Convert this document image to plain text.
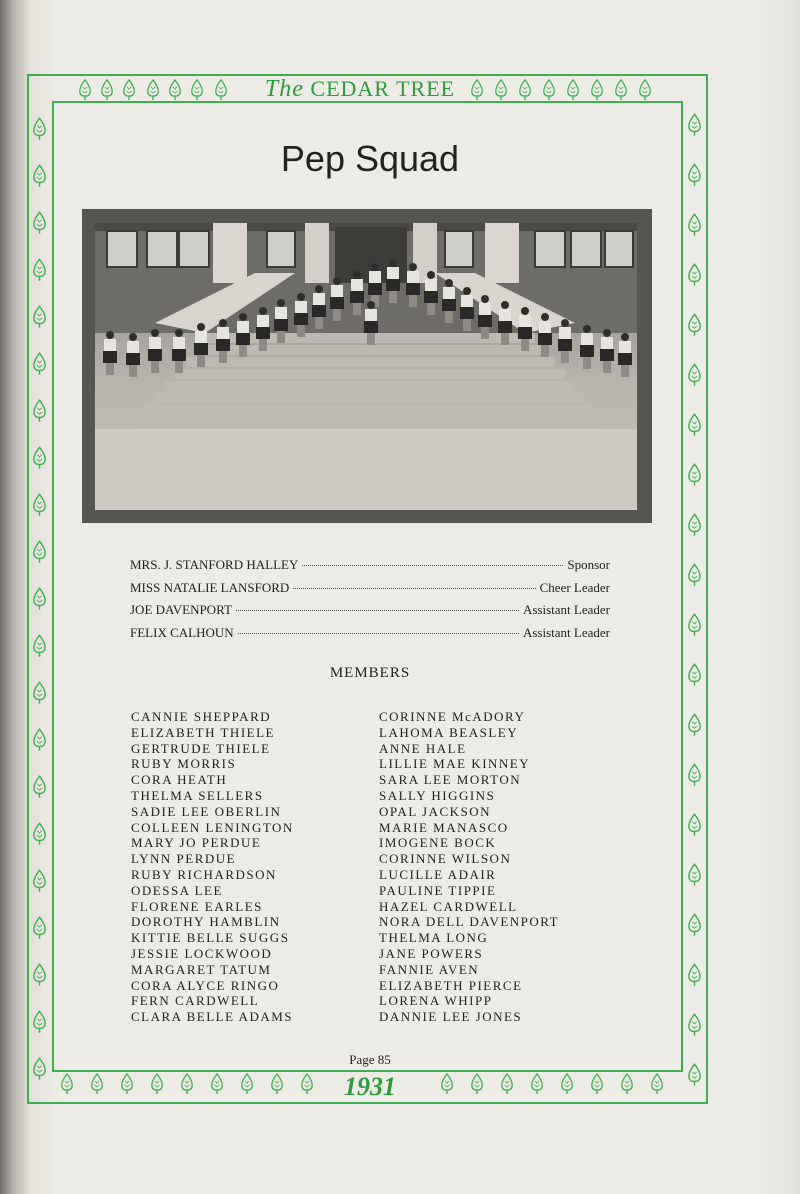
The CEDAR TREE
Pep Squad
MRS. J. STANFORD HALLEY	Sponsor
MISS NATALIE LANSFORD	Cheer Leader
JOE DAVENPORT	Assistant Leader
FELIX CALHOUN	Assistant Leader
MEMBERS
CANNIE SHEPPARD
ELIZABETH THIELE
GERTRUDE THIELE
RUBY MORRIS
CORA HEATH
THELMA SELLERS
SADIE LEE OBERLIN
COLLEEN LENINGTON
MARY JO PERDUE
LYNN PERDUE
RUBY RICHARDSON
ODESSA LEE
FLORENE EARLES
DOROTHY HAMBLIN
KITTIE BELLE SUGGS
JESSIE LOCKWOOD
MARGARET TATUM
CORA ALYCE RINGO
FERN CARDWELL
CLARA BELLE ADAMS
CORINNE McADORY
LAHOMA BEASLEY
ANNE HALE
LILLIE MAE KINNEY
SARA LEE MORTON
SALLY HIGGINS
OPAL JACKSON
MARIE MANASCO
IMOGENE BOCK
CORINNE WILSON
LUCILLE ADAIR
PAULINE TIPPIE
HAZEL CARDWELL
NORA DELL DAVENPORT
THELMA LONG
JANE POWERS
FANNIE AVEN
ELIZABETH PIERCE
LORENA WHIPP
DANNIE LEE JONES
Page 85
1931
